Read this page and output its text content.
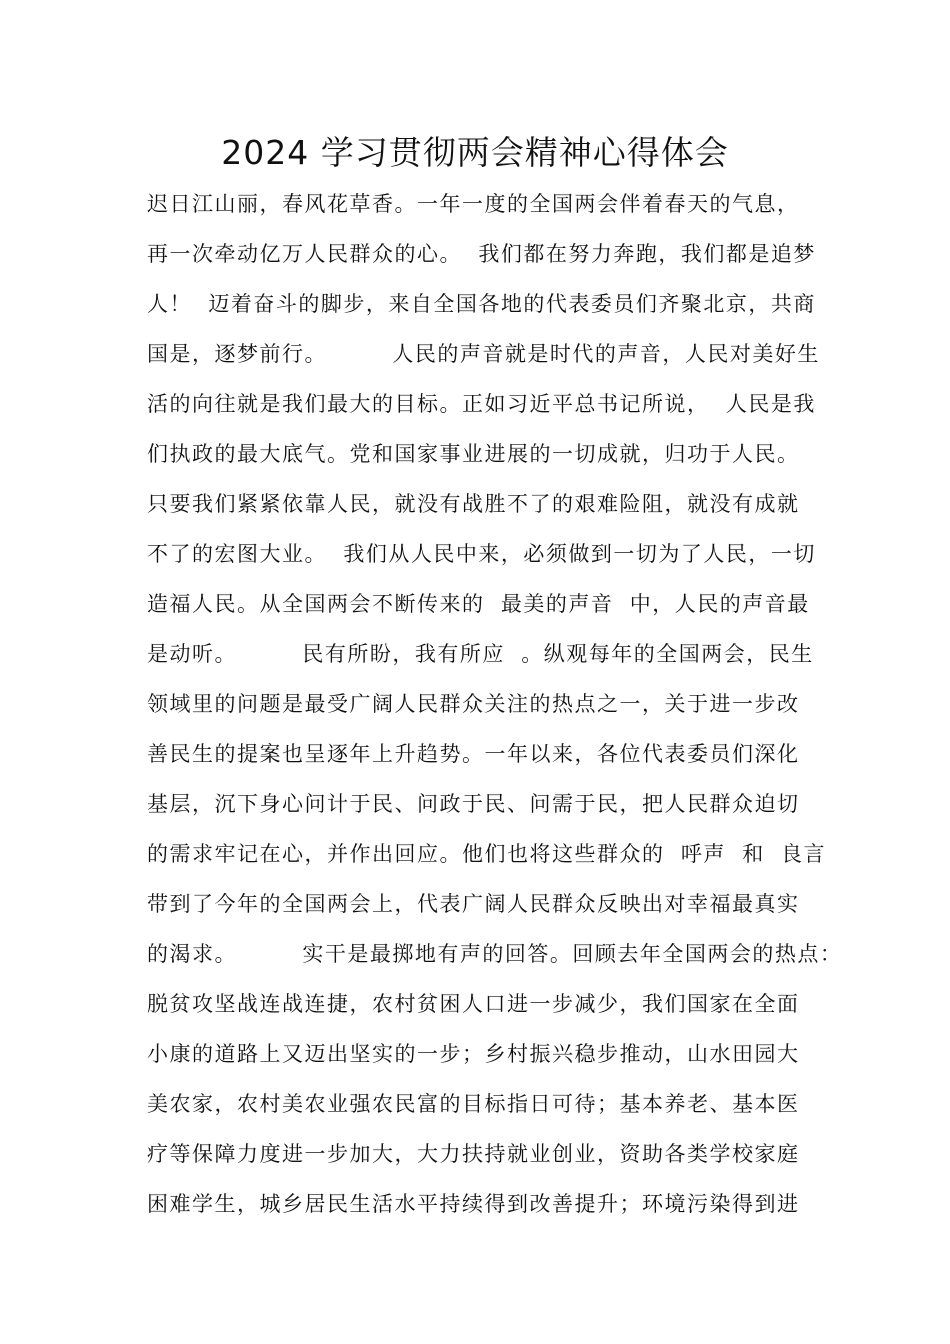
2024 学习贯彻两会精神心得体会
迟日江山丽，春风花草香。一年一度的全国两会伴着春天的气息，
再一次牵动亿万人民群众的心。  我们都在努力奔跑，我们都是追梦
人！  迈着奋斗的脚步，来自全国各地的代表委员们齐聚北京，共商
国是，逐梦前行。        人民的声音就是时代的声音，人民对美好生
活的向往就是我们最大的目标。正如习近平总书记所说，  人民是我
们执政的最大底气。党和国家事业进展的一切成就，归功于人民。
只要我们紧紧依靠人民，就没有战胜不了的艰难险阻，就没有成就
不了的宏图大业。  我们从人民中来，必须做到一切为了人民，一切
造福人民。从全国两会不断传来的  最美的声音  中，人民的声音最
是动听。        民有所盼，我有所应  。纵观每年的全国两会，民生
领域里的问题是最受广阔人民群众关注的热点之一，关于进一步改
善民生的提案也呈逐年上升趋势。一年以来，各位代表委员们深化
基层，沉下身心问计于民、问政于民、问需于民，把人民群众迫切
的需求牢记在心，并作出回应。他们也将这些群众的  呼声  和  良言
带到了今年的全国两会上，代表广阔人民群众反映出对幸福最真实
的渴求。        实干是最掷地有声的回答。回顾去年全国两会的热点：
脱贫攻坚战连战连捷，农村贫困人口进一步减少，我们国家在全面
小康的道路上又迈出坚实的一步；乡村振兴稳步推动，山水田园大
美农家，农村美农业强农民富的目标指日可待；基本养老、基本医
疗等保障力度进一步加大，大力扶持就业创业，资助各类学校家庭
困难学生，城乡居民生活水平持续得到改善提升；环境污染得到进
